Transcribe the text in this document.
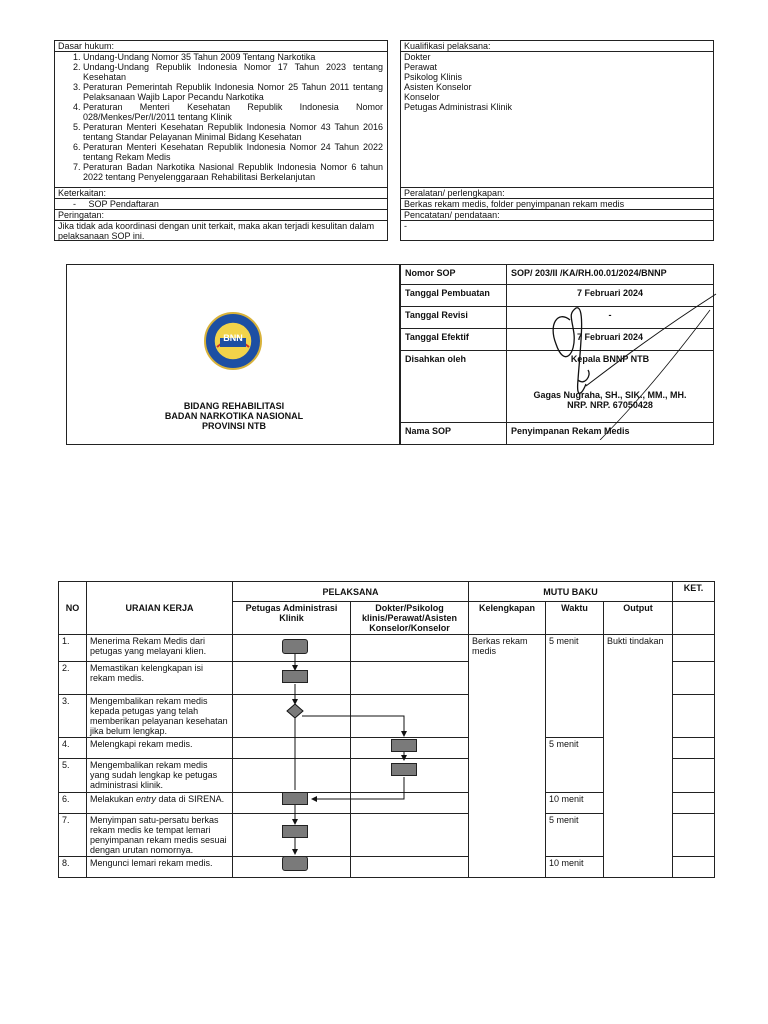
Dasar hukum:
1. Undang-Undang Nomor 35 Tahun 2009 Tentang Narkotika
2. Undang-Undang Republik Indonesia Nomor 17 Tahun 2023 tentang Kesehatan
3. Peraturan Pemerintah Republik Indonesia Nomor 25 Tahun 2011 tentang Pelaksanaan Wajib Lapor Pecandu Narkotika
4. Peraturan Menteri Kesehatan Republik Indonesia Nomor 028/Menkes/Per/I/2011 tentang Klinik
5. Peraturan Menteri Kesehatan Republik Indonesia Nomor 43 Tahun 2016 tentang Standar Pelayanan Minimal Bidang Kesehatan
6. Peraturan Menteri Kesehatan Republik Indonesia Nomor 24 Tahun 2022 tentang Rekam Medis
7. Peraturan Badan Narkotika Nasional Republik Indonesia Nomor 6 tahun 2022 tentang Penyelenggaraan Rehabilitasi Berkelanjutan
Keterkaitan:
-     SOP Pendaftaran
Peringatan:
Jika tidak ada koordinasi dengan unit terkait, maka akan terjadi kesulitan dalam pelaksanaan SOP ini.
Kualifikasi pelaksana:
Dokter
Perawat
Psikolog Klinis
Asisten Konselor
Konselor
Petugas Administrasi Klinik
Peralatan/ perlengkapan:
Berkas rekam medis, folder penyimpanan rekam medis
Pencatatan/ pendataan:
-
BNN
BIDANG REHABILITASI
BADAN NARKOTIKA NASIONAL
PROVINSI NTB
Nomor SOP	SOP/ 203/II /KA/RH.00.01/2024/BNNP
Tanggal Pembuatan	7 Februari 2024
Tanggal Revisi	-
Tanggal Efektif	7 Februari 2024
Disahkan oleh	Kepala BNNP NTB
Gagas Nugraha, SH., SIK., MM., MH.
NRP. NRP. 67050428

Nama SOP	Penyimpanan Rekam Medis
NO	URAIAN KERJA	PELAKSANA		MUTU BAKU			KET.
		Petugas Administrasi Klinik	Dokter/Psikolog klinis/Perawat/Asisten Konselor/Konselor	Kelengkapan	Waktu	Output	
1.	Menerima Rekam Medis dari petugas yang melayani klien.			Berkas rekam medis	5 menit	Bukti tindakan	
2.	Memastikan kelengkapan isi rekam medis.						
3.	Mengembalikan rekam medis kepada petugas yang telah memberikan pelayanan kesehatan jika belum lengkap.						
4.	Melengkapi rekam medis.				5 menit		
5.	Mengembalikan rekam medis yang sudah lengkap ke petugas administrasi klinik.						
6.	Melakukan entry data di SIRENA.				10 menit		
7.	Menyimpan satu-persatu berkas rekam medis ke tempat lemari penyimpanan rekam medis sesuai dengan urutan nomornya.				5 menit		
8.	Mengunci lemari rekam medis.				10 menit		
